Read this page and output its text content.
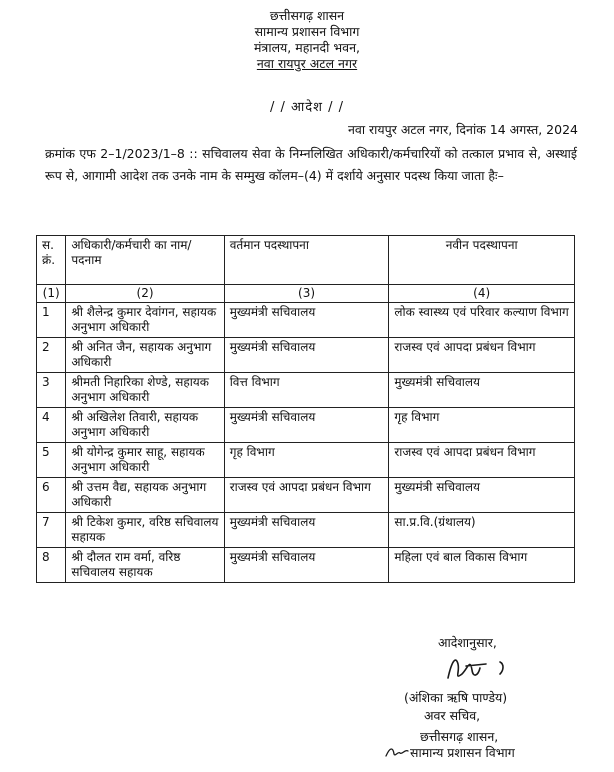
छत्तीसगढ़ शासन
सामान्य प्रशासन विभाग
मंत्रालय, महानदी भवन,
नवा रायपुर अटल नगर
/ / आदेश / /
नवा रायपुर अटल नगर, दिनांक 14 अगस्त, 2024
क्रमांक एफ 2–1/2023/1–8 :: सचिवालय सेवा के निम्नलिखित अधिकारी/कर्मचारियों को तत्काल प्रभाव से, अस्थाई रूप से, आगामी आदेश तक उनके नाम के सम्मुख कॉलम–(4) में दर्शाये अनुसार पदस्थ किया जाता हैः–
स. क्रं.	अधिकारी/कर्मचारी का नाम/ पदनाम	वर्तमान पदस्थापना	नवीन पदस्थापना
(1)	(2)	(3)	(4)
1	श्री शैलेन्द्र कुमार देवांगन, सहायक अनुभाग अधिकारी	मुख्यमंत्री सचिवालय	लोक स्वास्थ्य एवं परिवार कल्याण विभाग
2	श्री अनित जैन, सहायक अनुभाग अधिकारी	मुख्यमंत्री सचिवालय	राजस्व एवं आपदा प्रबंधन विभाग
3	श्रीमती निहारिका शेण्डे, सहायक अनुभाग अधिकारी	वित्त विभाग	मुख्यमंत्री सचिवालय
4	श्री अखिलेश तिवारी, सहायक अनुभाग अधिकारी	मुख्यमंत्री सचिवालय	गृह विभाग
5	श्री योगेन्द्र कुमार साहू, सहायक अनुभाग अधिकारी	गृह विभाग	राजस्व एवं आपदा प्रबंधन विभाग
6	श्री उत्तम वैद्य, सहायक अनुभाग अधिकारी	राजस्व एवं आपदा प्रबंधन विभाग	मुख्यमंत्री सचिवालय
7	श्री टिकेश कुमार, वरिष्ठ सचिवालय सहायक	मुख्यमंत्री सचिवालय	सा.प्र.वि.(ग्रंथालय)
8	श्री दौलत राम वर्मा, वरिष्ठ सचिवालय सहायक	मुख्यमंत्री सचिवालय	महिला एवं बाल विकास विभाग
आदेशानुसार,
(अंशिका ऋषि पाण्डेय)
अवर सचिव,
छत्तीसगढ़ शासन,
सामान्य प्रशासन विभाग
